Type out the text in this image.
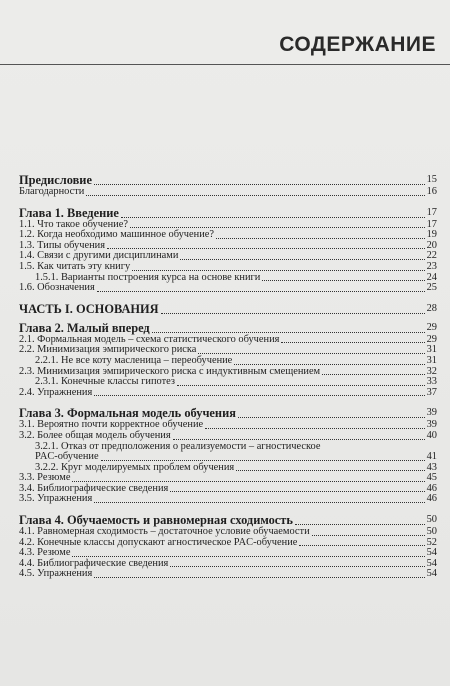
СОДЕРЖАНИЕ
Предисловие	15
Благодарности	16
Глава 1. Введение	17
1.1. Что такое обучение?	17
1.2. Когда необходимо машинное обучение?	19
1.3. Типы обучения	20
1.4. Связи с другими дисциплинами	22
1.5. Как читать эту книгу	23
1.5.1. Варианты построения курса на основе книги	24
1.6. Обозначения	25
ЧАСТЬ I. ОСНОВАНИЯ	28
Глава 2. Малый вперед	29
2.1. Формальная модель – схема статистического обучения	29
2.2. Минимизация эмпирического риска	31
2.2.1. Не все коту масленица – переобучение	31
2.3. Минимизация эмпирического риска с индуктивным смещением	32
2.3.1. Конечные классы гипотез	33
2.4. Упражнения	37
Глава 3. Формальная модель обучения	39
3.1. Вероятно почти корректное обучение	39
3.2. Более общая модель обучения	40
3.2.1. Отказ от предположения о реализуемости – агностическое
PAC-обучение	41
3.2.2. Круг моделируемых проблем обучения	43
3.3. Резюме	45
3.4. Библиографические сведения	46
3.5. Упражнения	46
Глава 4. Обучаемость и равномерная сходимость	50
4.1. Равномерная сходимость – достаточное условие обучаемости	50
4.2. Конечные классы допускают агностическое PAC-обучение	52
4.3. Резюме	54
4.4. Библиографические сведения	54
4.5. Упражнения	54
